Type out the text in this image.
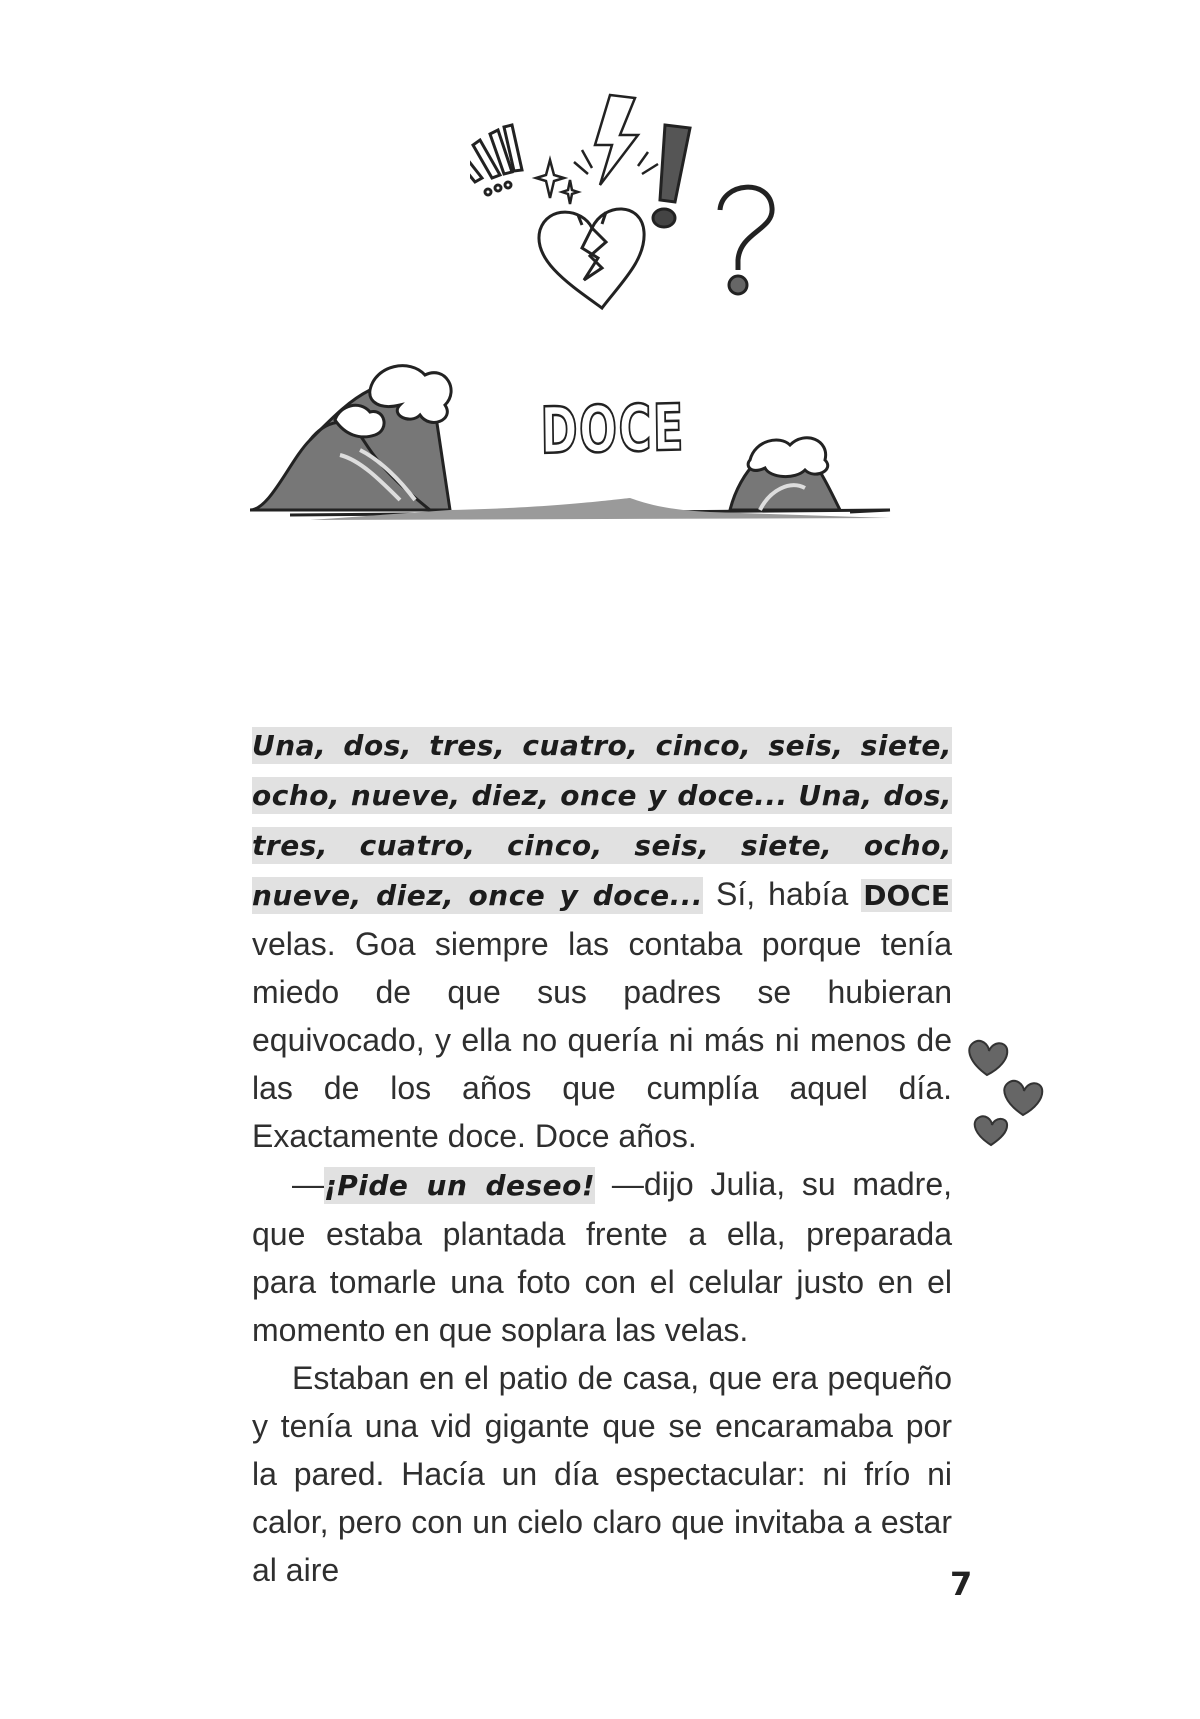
DOCE

Una, dos, tres, cuatro, cinco, seis, siete, ocho, nueve, diez, once y doce... Una, dos, tres, cuatro, cinco, seis, siete, ocho, nueve, diez, once y doce... Sí, había DOCE velas. Goa siempre las contaba porque tenía miedo de que sus padres se hubieran equivocado, y ella no quería ni más ni menos de las de los años que cumplía aquel día. Exactamente doce. Doce años.

—¡Pide un deseo! —dijo Julia, su madre, que estaba plantada frente a ella, preparada para tomarle una foto con el celular justo en el momento en que soplara las velas.

Estaban en el patio de casa, que era pequeño y tenía una vid gigante que se encaramaba por la pared. Hacía un día espectacular: ni frío ni calor, pero con un cielo claro que invitaba a estar al aire	7
